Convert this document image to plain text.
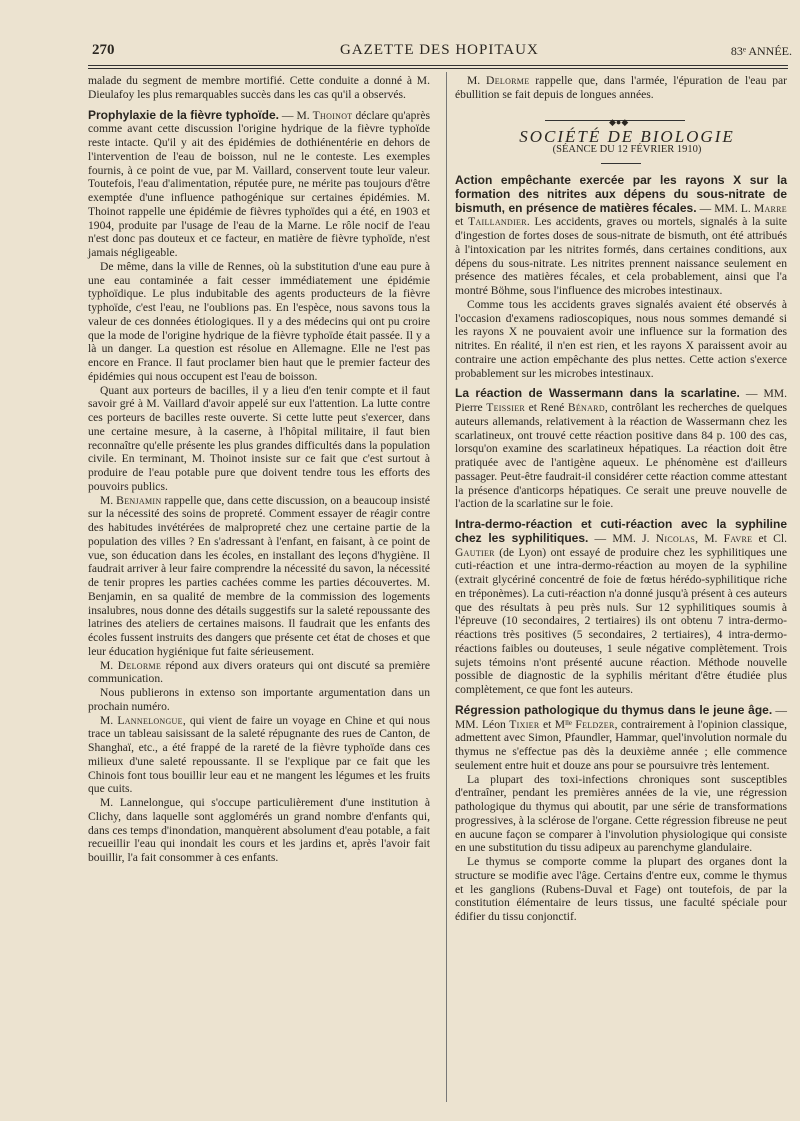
270	GAZETTE DES HOPITAUX	83ᵉ ANNÉE.

malade du segment de membre mortifié. Cette conduite a donné à M. Dieulafoy les plus remarquables succès dans les cas qu'il a observés.

Prophylaxie de la fièvre typhoïde. — M. Thoinot déclare qu'après comme avant cette discussion l'origine hydrique de la fièvre typhoïde reste intacte. Qu'il y ait des épidémies de dothiénentérie en dehors de l'intervention de l'eau de boisson, nul ne le conteste. Les exemples fournis, à ce point de vue, par M. Vaillard, conservent toute leur valeur. Toutefois, l'eau d'alimentation, réputée pure, ne mérite pas toujours d'être exemptée d'une influence pathogénique sur certaines épidémies. M. Thoinot rappelle une épidémie de fièvres typhoïdes qui a été, en 1903 et 1904, produite par l'usage de l'eau de la Marne. Le rôle nocif de l'eau n'est donc pas douteux et ce facteur, en matière de fièvre typhoïde, n'est jamais négligeable.

De même, dans la ville de Rennes, où la substitution d'une eau pure à une eau contaminée a fait cesser immédiatement une épidémie typhoïdique. Le plus indubitable des agents producteurs de la fièvre typhoïde, c'est l'eau, ne l'oublions pas. En l'espèce, nous savons tous la valeur de ces données étiologiques. Il y a des médecins qui ont pu croire que la mode de l'origine hydrique de la fièvre typhoïde était passée. Il y a là un danger. La question est résolue en Allemagne. Elle ne l'est pas encore en France. Il faut proclamer bien haut que le premier facteur des épidémies qui nous occupent est l'eau de boisson.

Quant aux porteurs de bacilles, il y a lieu d'en tenir compte et il faut savoir gré à M. Vaillard d'avoir appelé sur eux l'attention. La lutte contre ces porteurs de bacilles reste ouverte. Si cette lutte peut s'exercer, dans une certaine mesure, à la caserne, à l'hôpital militaire, il faut bien reconnaître qu'elle présente les plus grandes difficultés dans la population civile. En terminant, M. Thoinot insiste sur ce fait que c'est surtout à produire de l'eau potable pure que doivent tendre tous les efforts des pouvoirs publics.

M. Benjamin rappelle que, dans cette discussion, on a beaucoup insisté sur la nécessité des soins de propreté. Comment essayer de réagir contre des habitudes invétérées de malpropreté chez une certaine partie de la population des villes ? En s'adressant à l'enfant, en faisant, à ce point de vue, son éducation dans les écoles, en installant des leçons d'hygiène. Il faudrait arriver à leur faire comprendre la nécessité du savon, la nécessité de tenir propres les parties cachées comme les parties découvertes. M. Benjamin, en sa qualité de membre de la commission des logements insalubres, nous donne des détails suggestifs sur la saleté repoussante des latrines des ateliers de certaines maisons. Il faudrait que les enfants des écoles fussent instruits des dangers que présente cet état de choses et que leur éducation hygiénique fut faite sérieusement.

M. Delorme répond aux divers orateurs qui ont discuté sa première communication.

Nous publierons in extenso son importante argumentation dans un prochain numéro.

M. Lannelongue, qui vient de faire un voyage en Chine et qui nous trace un tableau saisissant de la saleté répugnante des rues de Canton, de Shanghaï, etc., a été frappé de la rareté de la fièvre typhoïde dans ces milieux d'une saleté repoussante. Il se l'explique par ce fait que les Chinois font tous bouillir leur eau et ne mangent les légumes et les fruits que cuits.

M. Lannelongue, qui s'occupe particulièrement d'une institution à Clichy, dans laquelle sont agglomérés un grand nombre d'enfants qui, dans ces temps d'inondation, manquèrent absolument d'eau potable, a fait recueillir l'eau qui inondait les cours et les jardins et, après l'avoir fait bouillir, l'a fait consommer à ces enfants.

M. Delorme rappelle que, dans l'armée, l'épuration de l'eau par ébullition se fait depuis de longues années.

◆●◆

SOCIÉTÉ DE BIOLOGIE

(SÉANCE DU 12 FÉVRIER 1910)

Action empêchante exercée par les rayons X sur la formation des nitrites aux dépens du sous-nitrate de bismuth, en présence de matières fécales. — MM. L. Marre et Taillandier. Les accidents, graves ou mortels, signalés à la suite d'ingestion de fortes doses de sous-nitrate de bismuth, ont été attribués à l'intoxication par les nitrites formés, dans certaines conditions, aux dépens du sous-nitrate. Les nitrites prennent naissance seulement en présence des matières fécales, et cela probablement, ainsi que l'a montré Böhme, sous l'influence des microbes intestinaux.

Comme tous les accidents graves signalés avaient été observés à l'occasion d'examens radioscopiques, nous nous sommes demandé si les rayons X ne pouvaient avoir une influence sur la formation des nitrites. En réalité, il n'en est rien, et les rayons X paraissent avoir au contraire une action empêchante des plus nettes. Cette action s'exerce probablement sur les microbes intestinaux.

La réaction de Wassermann dans la scarlatine. — MM. Pierre Teissier et René Bénard, contrôlant les recherches de quelques auteurs allemands, relativement à la réaction de Wassermann chez les scarlatineux, ont trouvé cette réaction positive dans 84 p. 100 des cas, lorsqu'on examine des scarlatineux hépatiques. La réaction doit être pratiquée avec de l'antigène aqueux. Le phénomène est d'ailleurs passager. Peut-être faudrait-il considérer cette réaction comme attestant la présence d'anticorps hépatiques. Ce serait une preuve nouvelle de l'action de la scarlatine sur le foie.

Intra-dermo-réaction et cuti-réaction avec la syphiline chez les syphilitiques. — MM. J. Nicolas, M. Favre et Cl. Gautier (de Lyon) ont essayé de produire chez les syphilitiques une cuti-réaction et une intra-dermo-réaction au moyen de la syphiline (extrait glycériné concentré de foie de fœtus hérédo-syphilitique riche en tréponèmes). La cuti-réaction n'a donné jusqu'à présent à ces auteurs que des résultats à peu près nuls. Sur 12 syphilitiques soumis à l'épreuve (10 secondaires, 2 tertiaires) ils ont obtenu 7 intra-dermo-réactions très positives (5 secondaires, 2 tertiaires), 4 intra-dermo-réactions faibles ou douteuses, 1 seule négative complètement. Trois sujets témoins n'ont présenté aucune réaction. Méthode nouvelle possible de diagnostic de la syphilis méritant d'être étudiée plus complètement, ce que font les auteurs.

Régression pathologique du thymus dans le jeune âge. — MM. Léon Tixier et Mˡˡᵉ Feldzer, contrairement à l'opinion classique, admettent avec Simon, Pfaundler, Hammar, quel'involution normale du thymus ne s'effectue pas dès la deuxième année ; elle commence seulement entre huit et douze ans pour se poursuivre très lentement.

La plupart des toxi-infections chroniques sont susceptibles d'entraîner, pendant les premières années de la vie, une régression pathologique du thymus qui aboutit, par une série de transformations progressives, à la sclérose de l'organe. Cette régression fibreuse ne peut en aucune façon se comparer à l'involution physiologique qui consiste en une substitution du tissu adipeux au parenchyme glandulaire.

Le thymus se comporte comme la plupart des organes dont la structure se modifie avec l'âge. Certains d'entre eux, comme le thymus et les ganglions (Rubens-Duval et Fage) ont toutefois, de par la constitution élémentaire de leurs tissus, une faculté spéciale pour édifier du tissu conjonctif.
